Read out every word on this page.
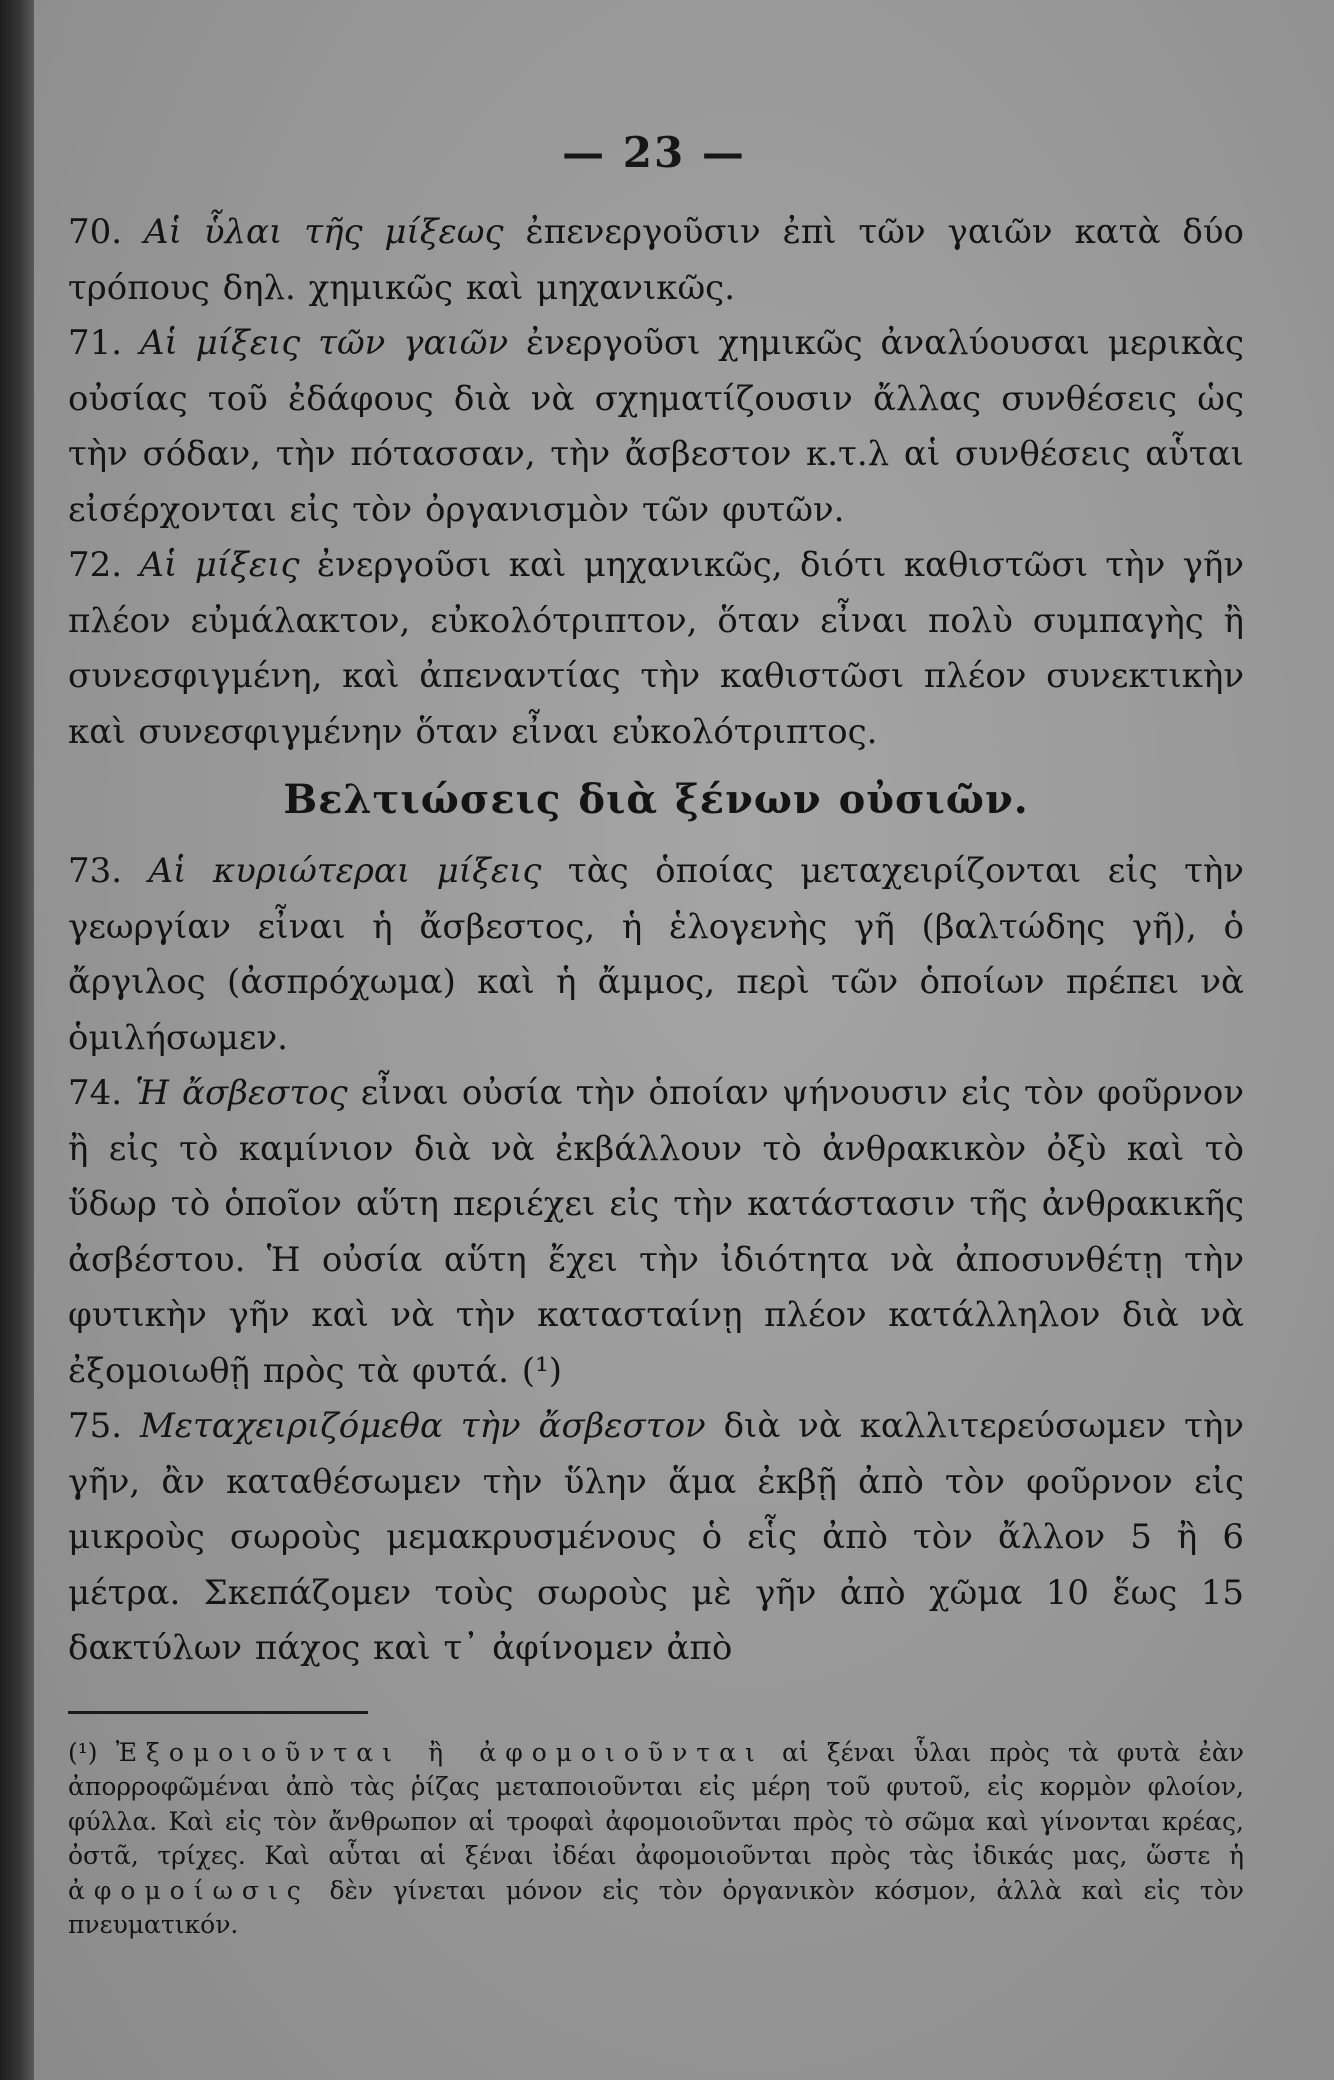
— 23 —

70. Αἱ ὗλαι τῆς μίξεως ἐπενεργοῦσιν ἐπὶ τῶν γαιῶν κατὰ δύο τρόπους δηλ. χημικῶς καὶ μηχανικῶς.

71. Αἱ μίξεις τῶν γαιῶν ἐνεργοῦσι χημικῶς ἀναλύουσαι μερικὰς οὐσίας τοῦ ἐδάφους διὰ νὰ σχηματίζουσιν ἄλλας συνθέσεις ὡς τὴν σόδαν, τὴν πότασσαν, τὴν ἄσβεστον κ.τ.λ αἱ συνθέσεις αὗται εἰσέρχονται εἰς τὸν ὀργανισμὸν τῶν φυτῶν.

72. Αἱ μίξεις ἐνεργοῦσι καὶ μηχανικῶς, διότι καθιστῶσι τὴν γῆν πλέον εὐμάλακτον, εὐκολότριπτον, ὅταν εἶναι πολὺ συμπαγὴς ἢ συνεσφιγμένη, καὶ ἀπεναντίας τὴν καθιστῶσι πλέον συνεκτικὴν καὶ συνεσφιγμένην ὅταν εἶναι εὐκολότριπτος.

Βελτιώσεις διὰ ξένων οὐσιῶν.

73. Αἱ κυριώτεραι μίξεις τὰς ὁποίας μεταχειρίζονται εἰς τὴν γεωργίαν εἶναι ἡ ἄσβεστος, ἡ ἑλογενὴς γῆ (βαλτώδης γῆ), ὁ ἄργιλος (ἀσπρόχωμα) καὶ ἡ ἄμμος, περὶ τῶν ὁποίων πρέπει νὰ ὁμιλήσωμεν.

74. Ἡ ἄσβεστος εἶναι οὐσία τὴν ὁποίαν ψήνουσιν εἰς τὸν φοῦρνον ἢ εἰς τὸ καμίνιον διὰ νὰ ἐκβάλλουν τὸ ἀνθρακικὸν ὀξὺ καὶ τὸ ὕδωρ τὸ ὁποῖον αὕτη περιέχει εἰς τὴν κατάστασιν τῆς ἀνθρακικῆς ἀσβέστου. Ἡ οὐσία αὕτη ἔχει τὴν ἰδιότητα νὰ ἀποσυνθέτῃ τὴν φυτικὴν γῆν καὶ νὰ τὴν κατασταίνῃ πλέον κατάλληλον διὰ νὰ ἐξομοιωθῇ πρὸς τὰ φυτά. (¹)

75. Μεταχειριζόμεθα τὴν ἄσβεστον διὰ νὰ καλλιτερεύσωμεν τὴν γῆν, ἂν καταθέσωμεν τὴν ὕλην ἅμα ἐκβῇ ἀπὸ τὸν φοῦρνον εἰς μικροὺς σωροὺς μεμακρυσμένους ὁ εἷς ἀπὸ τὸν ἄλλον 5 ἢ 6 μέτρα. Σκεπάζομεν τοὺς σωροὺς μὲ γῆν ἀπὸ χῶμα 10 ἕως 15 δακτύλων πάχος καὶ τ᾿ ἀφίνομεν ἀπὸ

(¹) Ἐξομοιοῦνται ἢ ἀφομοιοῦνται αἱ ξέναι ὗλαι πρὸς τὰ φυτὰ ἐὰν ἀπορροφῶμέναι ἀπὸ τὰς ῥίζας μεταποιοῦνται εἰς μέρη τοῦ φυτοῦ, εἰς κορμὸν φλοίον, φύλλα. Καὶ εἰς τὸν ἄνθρωπον αἱ τροφαὶ ἀφομοιοῦνται πρὸς τὸ σῶμα καὶ γίνονται κρέας, ὀστᾶ, τρίχες. Καὶ αὗται αἱ ξέναι ἰδέαι ἀφομοιοῦνται πρὸς τὰς ἰδικάς μας, ὥστε ἡ ἀφομοίωσις δὲν γίνεται μόνον εἰς τὸν ὀργανικὸν κόσμον, ἀλλὰ καὶ εἰς τὸν πνευματικόν.
